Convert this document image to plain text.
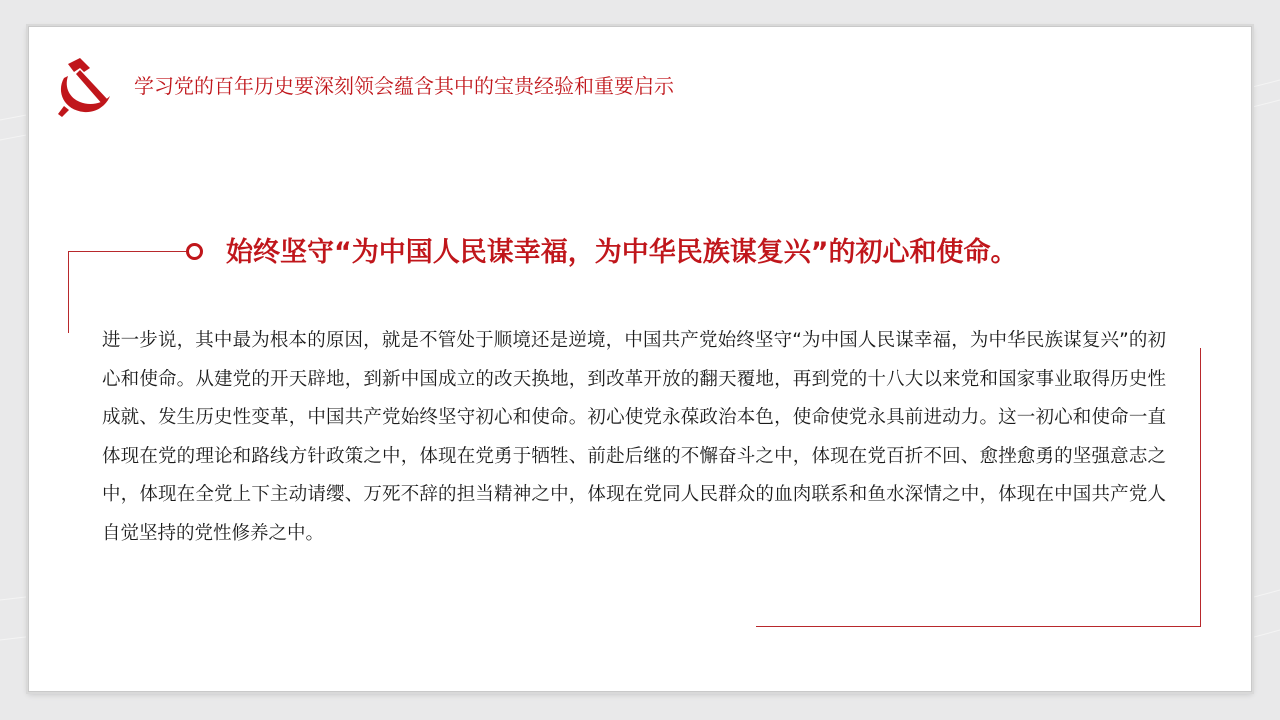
学习党的百年历史要深刻领会蕴含其中的宝贵经验和重要启示
始终坚守“为中国人民谋幸福，为中华民族谋复兴”的初心和使命。
进一步说，其中最为根本的原因，就是不管处于顺境还是逆境，中国共产党始终坚守“为中国人民谋幸福，为中华民族谋复兴”的初心和使命。从建党的开天辟地，到新中国成立的改天换地，到改革开放的翻天覆地，再到党的十八大以来党和国家事业取得历史性成就、发生历史性变革，中国共产党始终坚守初心和使命。初心使党永葆政治本色，使命使党永具前进动力。这一初心和使命一直体现在党的理论和路线方针政策之中，体现在党勇于牺牲、前赴后继的不懈奋斗之中，体现在党百折不回、愈挫愈勇的坚强意志之中，体现在全党上下主动请缨、万死不辞的担当精神之中，体现在党同人民群众的血肉联系和鱼水深情之中，体现在中国共产党人自觉坚持的党性修养之中。
